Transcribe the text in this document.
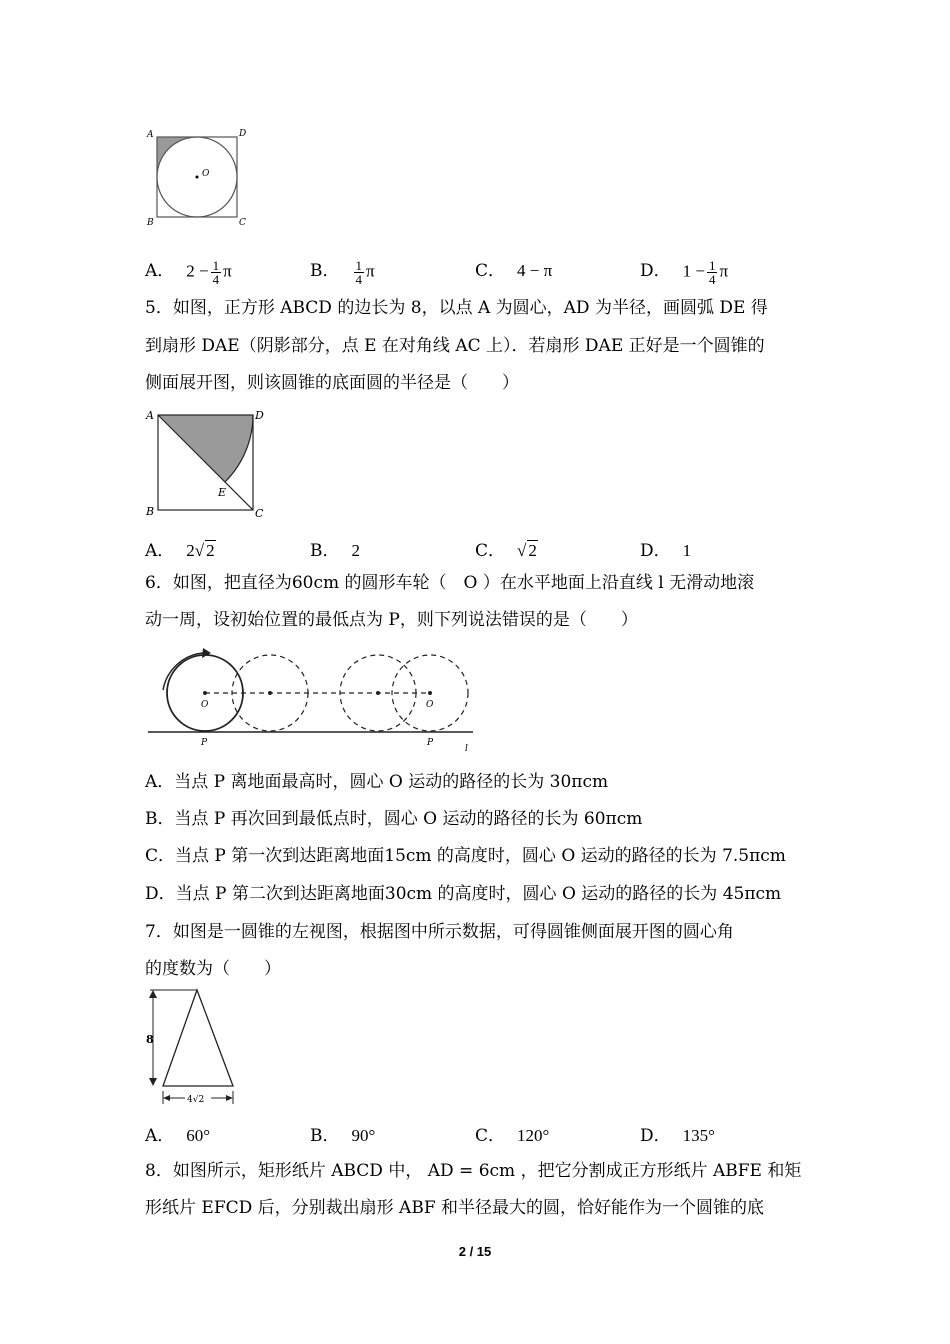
A	D
B	C
O
A． $2 - \frac{1}{4}$ π	B． $\frac{1}{4}$ π	C． 4 − π	D． $1 - \frac{1}{4}$ π
5．如图，正方形 ABCD 的边长为 8，以点 A 为圆心，AD 为半径，画圆弧 DE 得
到扇形 DAE（阴影部分，点 E 在对角线 AC 上）．若扇形 DAE 正好是一个圆锥的
侧面展开图，则该圆锥的底面圆的半径是（　　）
A	D
B	C
E
A． 2√ 2	B． 2	C． √ 2	D． 1
6．如图，把直径为60cm 的圆形车轮（　O ）在水平地面上沿直线 l 无滑动地滚
动一周，设初始位置的最低点为 P，则下列说法错误的是（　　）
O	O
P	P
l
A．当点 P 离地面最高时，圆心 O 运动的路径的长为 30πcm
B．当点 P 再次回到最低点时，圆心 O 运动的路径的长为 60πcm
C．当点 P 第一次到达距离地面15cm 的高度时，圆心 O 运动的路径的长为 7.5πcm
D．当点 P 第二次到达距离地面30cm 的高度时，圆心 O 运动的路径的长为 45πcm
7．如图是一圆锥的左视图，根据图中所示数据，可得圆锥侧面展开图的圆心角
的度数为（　　）
8
4√2
A． 60°	B． 90°	C． 120°	D． 135°
8．如图所示，矩形纸片 ABCD 中， AD = 6cm ，把它分割成正方形纸片 ABFE 和矩
形纸片 EFCD 后，分别裁出扇形 ABF 和半径最大的圆，恰好能作为一个圆锥的底
2 / 15
